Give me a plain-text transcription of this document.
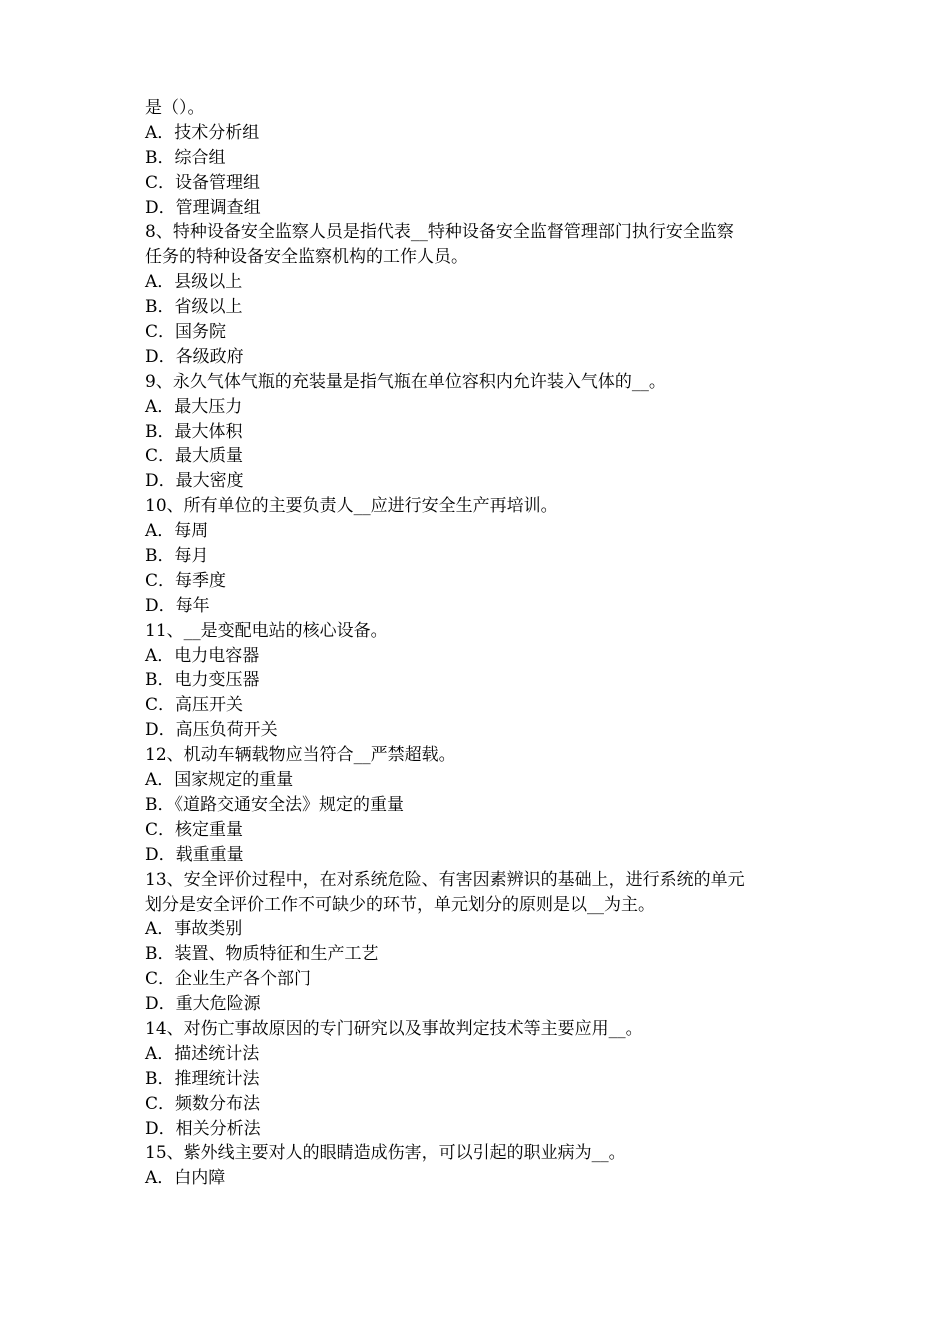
是（）。
A．技术分析组
B．综合组
C．设备管理组
D．管理调查组
8、特种设备安全监察人员是指代表__特种设备安全监督管理部门执行安全监察
任务的特种设备安全监察机构的工作人员。
A．县级以上
B．省级以上
C．国务院
D．各级政府
9、永久气体气瓶的充装量是指气瓶在单位容积内允许装入气体的__。
A．最大压力
B．最大体积
C．最大质量
D．最大密度
10、所有单位的主要负责人__应进行安全生产再培训。
A．每周
B．每月
C．每季度
D．每年
11、__是变配电站的核心设备。
A．电力电容器
B．电力变压器
C．高压开关
D．高压负荷开关
12、机动车辆载物应当符合__严禁超载。
A．国家规定的重量
B．《道路交通安全法》规定的重量
C．核定重量
D．载重重量
13、安全评价过程中，在对系统危险、有害因素辨识的基础上，进行系统的单元
划分是安全评价工作不可缺少的环节，单元划分的原则是以__为主。
A．事故类别
B．装置、物质特征和生产工艺
C．企业生产各个部门
D．重大危险源
14、对伤亡事故原因的专门研究以及事故判定技术等主要应用__。
A．描述统计法
B．推理统计法
C．频数分布法
D．相关分析法
15、紫外线主要对人的眼睛造成伤害，可以引起的职业病为__。
A．白内障
